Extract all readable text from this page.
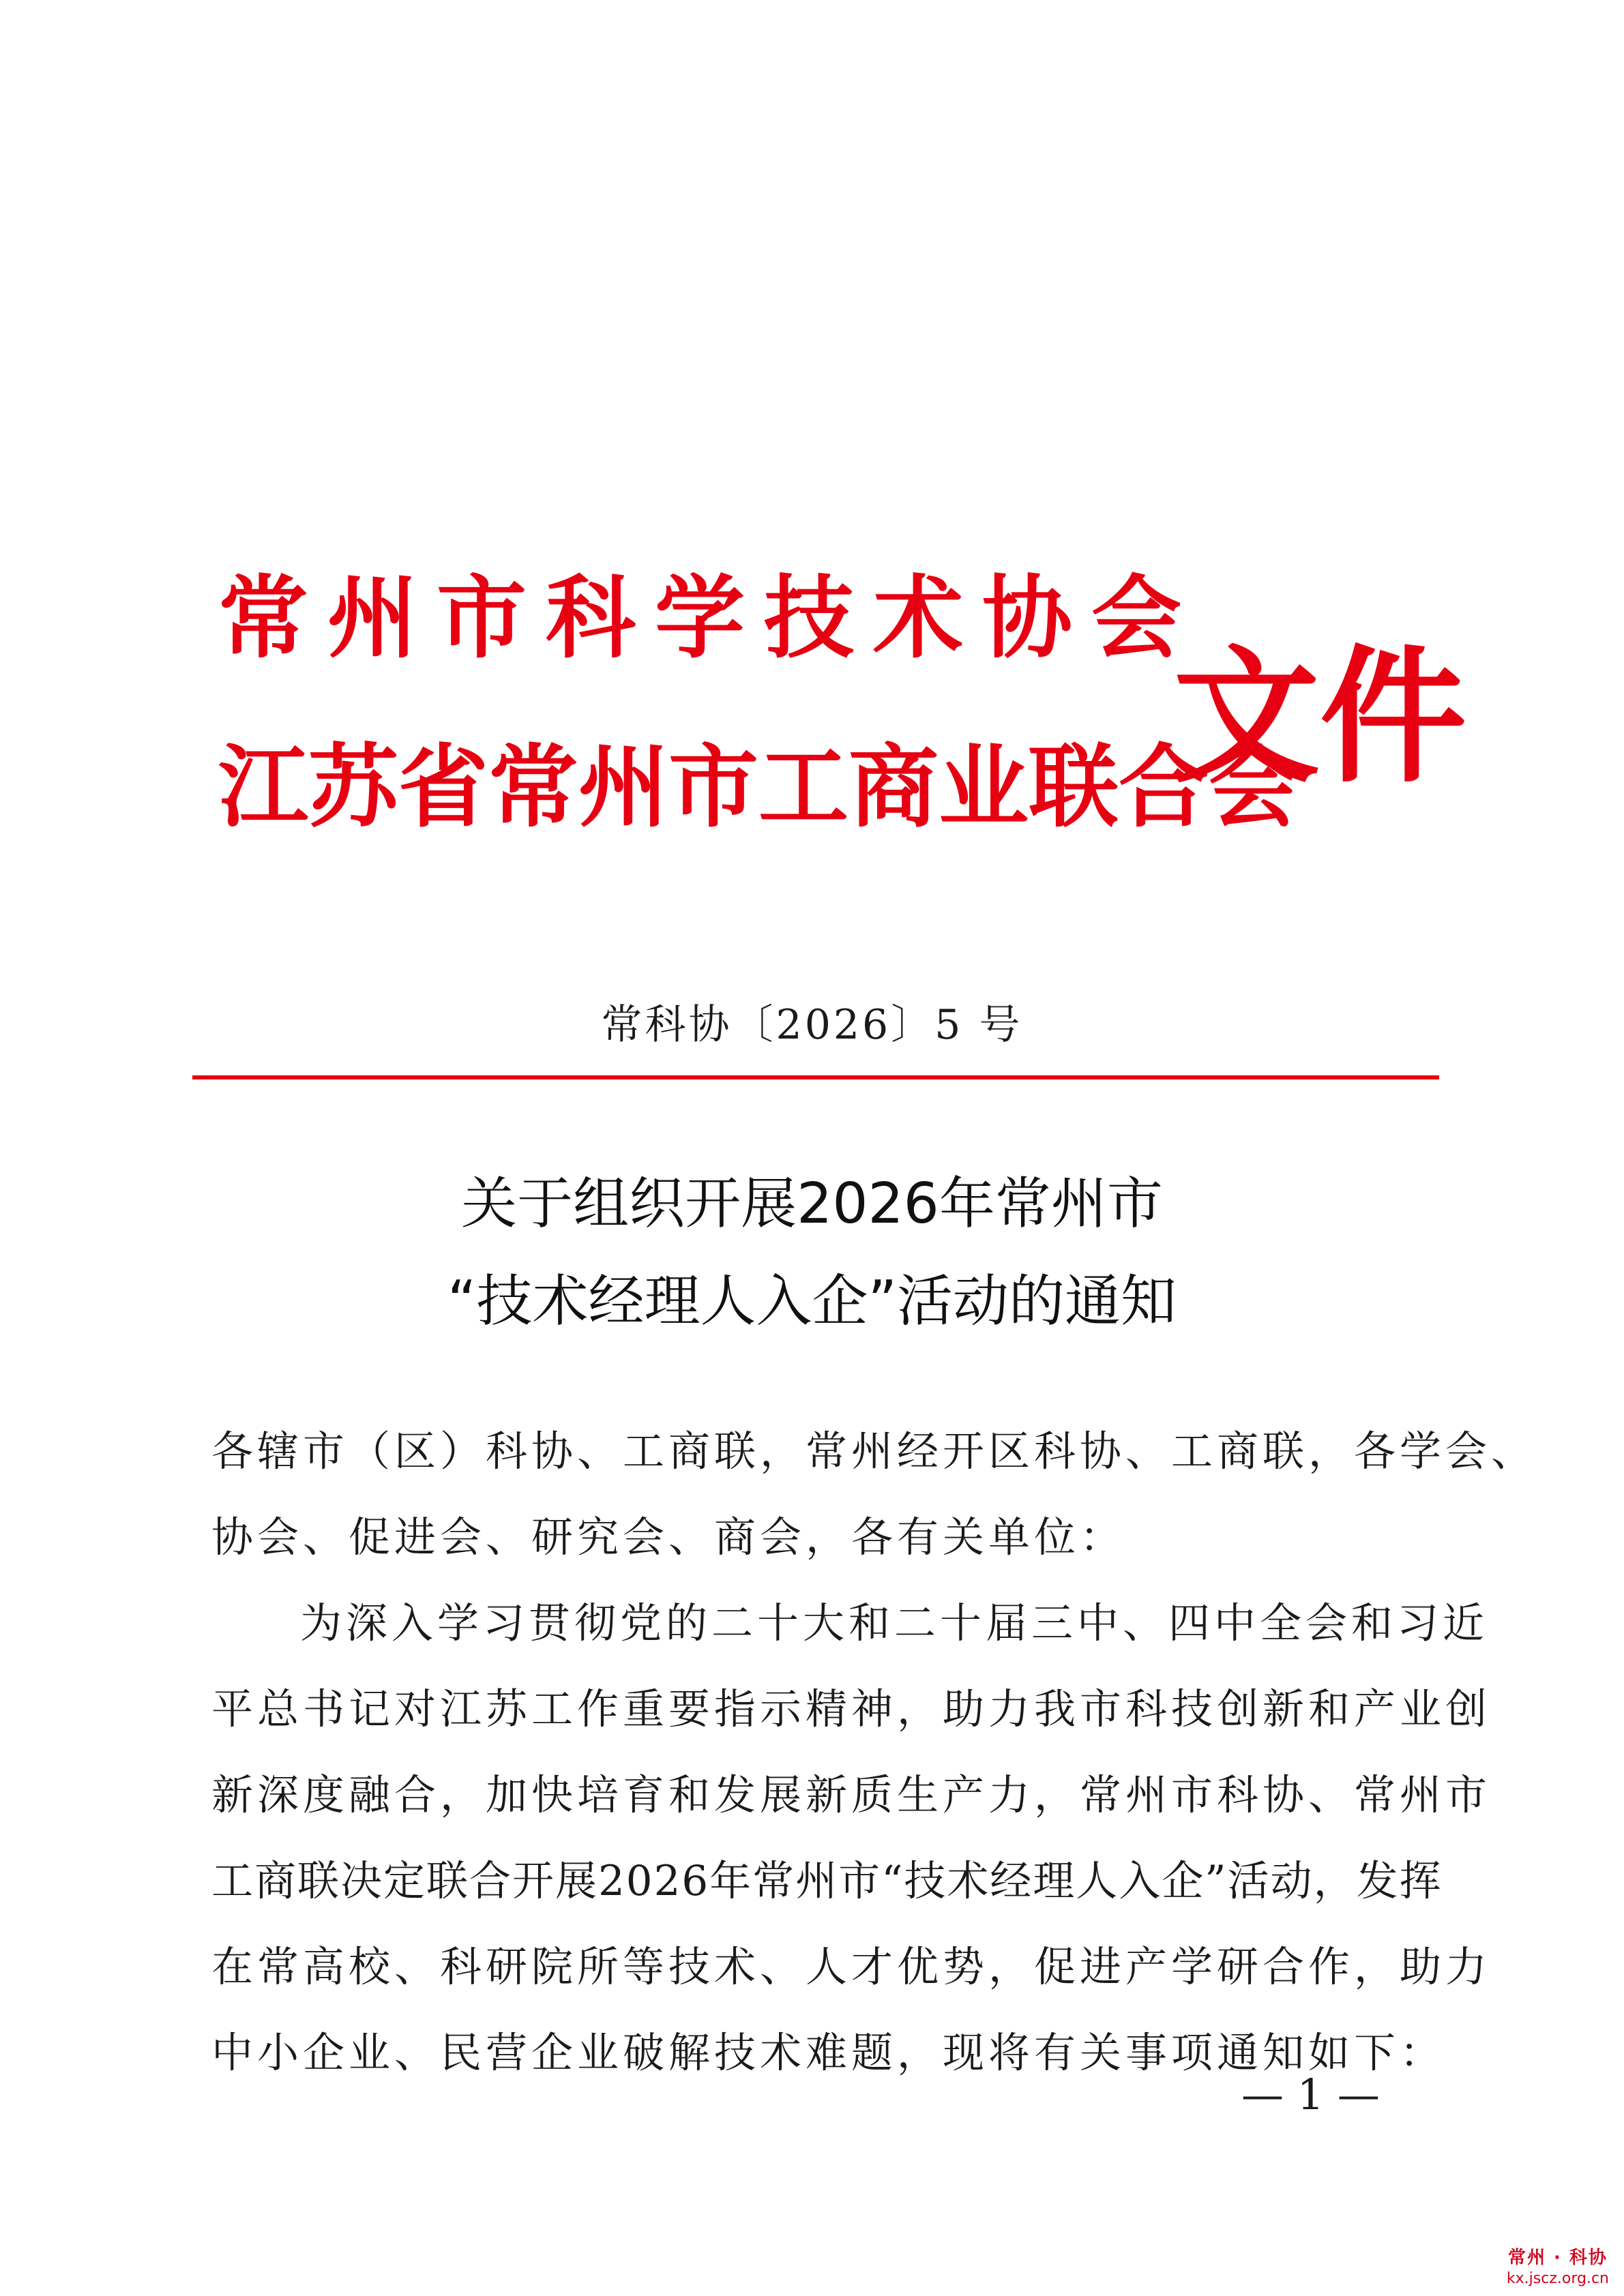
常州市科学技术协会
江苏省常州市工商业联合会
文件
常科协〔2026〕5 号
关于组织开展2026年常州市
“技术经理人入企”活动的通知
各辖市（区）科协、工商联，常州经开区科协、工商联，各学会、
协会、促进会、研究会、商会，各有关单位：
为深入学习贯彻党的二十大和二十届三中、四中全会和习近
平总书记对江苏工作重要指示精神，助力我市科技创新和产业创
新深度融合，加快培育和发展新质生产力，常州市科协、常州市
工商联决定联合开展2026年常州市“技术经理人入企”活动，发挥
在常高校、科研院所等技术、人才优势，促进产学研合作，助力
中小企业、民营企业破解技术难题，现将有关事项通知如下：
— 1 —
常州 · 科协
kx.jscz.org.cn
